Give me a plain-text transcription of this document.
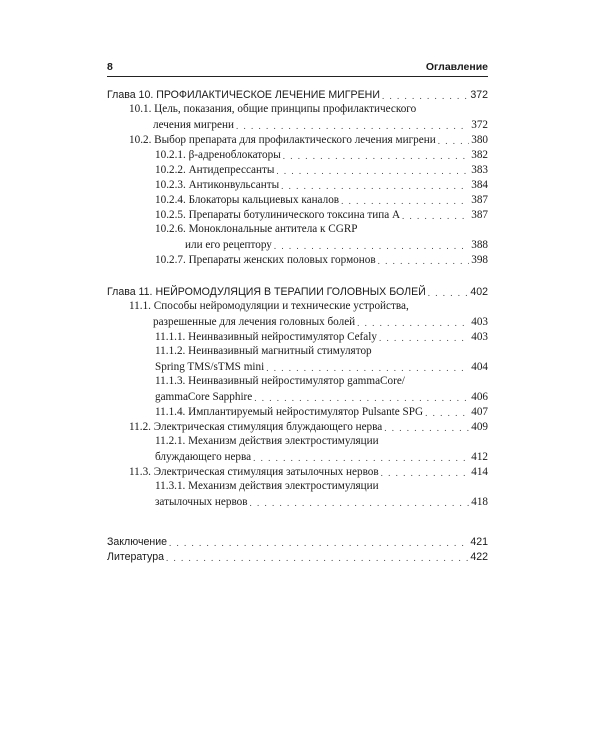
8	Оглавление
Глава 10. ПРОФИЛАКТИЧЕСКОЕ ЛЕЧЕНИЕ МИГРЕНИ . . .	372
10.1. Цель, показания, общие принципы профилактического
лечения мигрени . . .	372
10.2. Выбор препарата для профилактического лечения мигрени . . .	380
10.2.1. β-адреноблокаторы . . .	382
10.2.2. Антидепрессанты . . .	383
10.2.3. Антиконвульсанты . . .	384
10.2.4. Блокаторы кальциевых каналов . . .	387
10.2.5. Препараты ботулинического токсина типа А . . .	387
10.2.6. Моноклональные антитела к CGRP
или его рецептору . . .	388
10.2.7. Препараты женских половых гормонов . . .	398
Глава 11. НЕЙРОМОДУЛЯЦИЯ В ТЕРАПИИ ГОЛОВНЫХ БОЛЕЙ . . .	402
11.1. Способы нейромодуляции и технические устройства,
разрешенные для лечения головных болей . . .	403
11.1.1. Неинвазивный нейростимулятор Cefaly . . .	403
11.1.2. Неинвазивный магнитный стимулятор
Spring TMS/sTMS mini . . .	404
11.1.3. Неинвазивный нейростимулятор gammaCore/
gammaCore Sapphire . . .	406
11.1.4. Имплантируемый нейростимулятор Pulsante SPG . . .	407
11.2. Электрическая стимуляция блуждающего нерва . . .	409
11.2.1. Механизм действия электростимуляции
блуждающего нерва . . .	412
11.3. Электрическая стимуляция затылочных нервов . . .	414
11.3.1. Механизм действия электростимуляции
затылочных нервов . . .	418
Заключение . . .	421
Литература . . .	422
